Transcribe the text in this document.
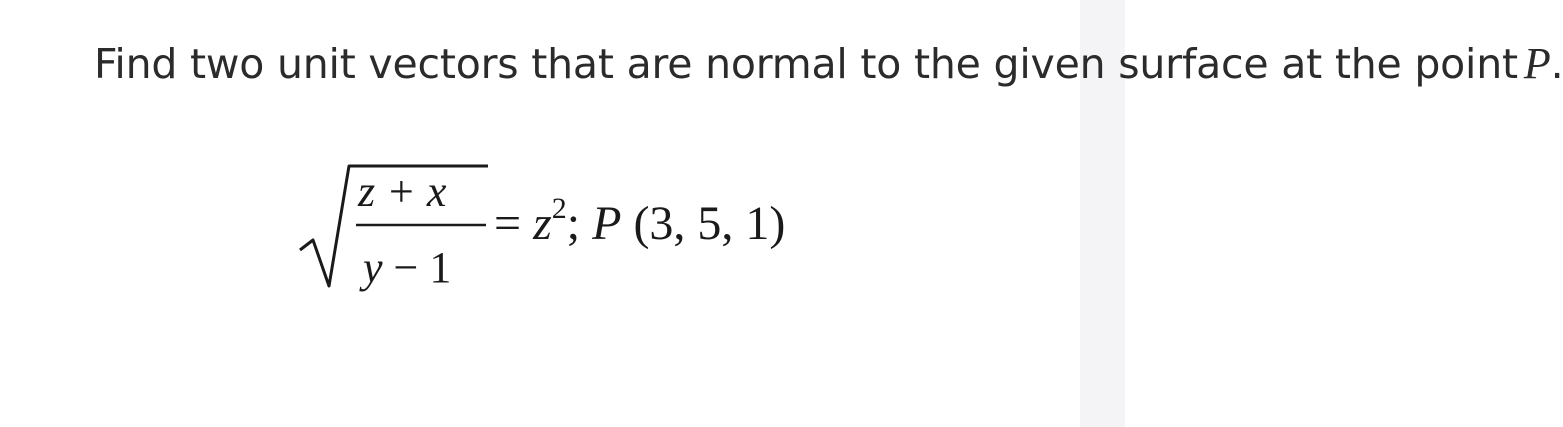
Find two unit vectors that are normal to the given surface at the point P.
z + x
y − 1
= $z^2$; P (3, 5, 1)
